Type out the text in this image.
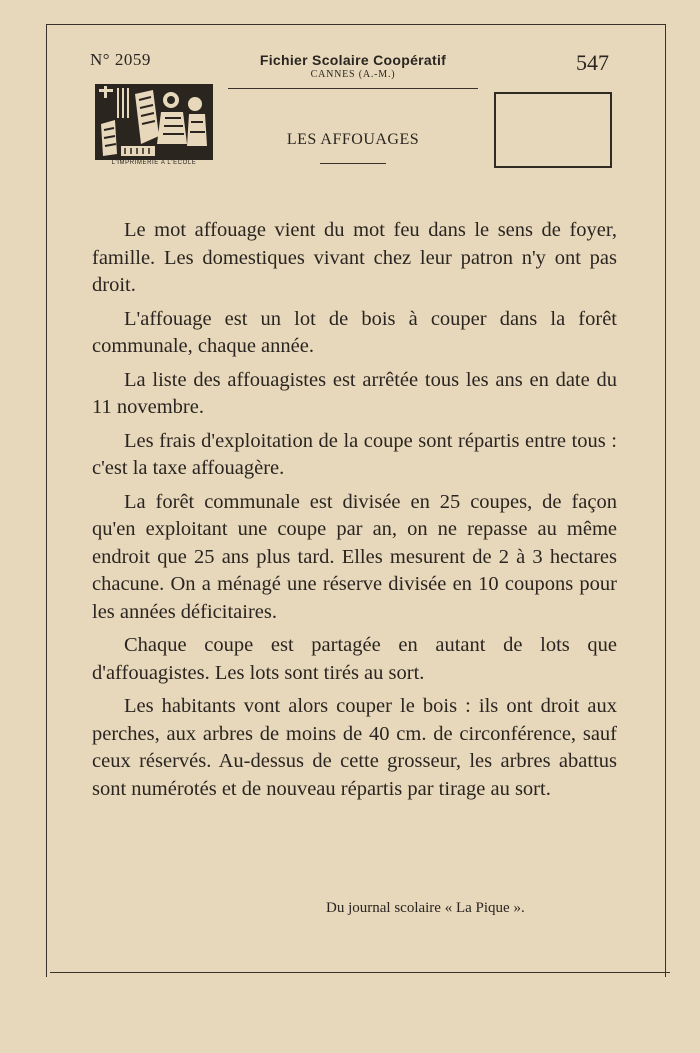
N° 2059	Fichier Scolaire Coopératif
CANNES (A.-M.)	547
L'IMPRIMERIE A L'ECOLE
LES AFFOUAGES

Le mot affouage vient du mot feu dans le sens de foyer, famille. Les domestiques vivant chez leur patron n'y ont pas droit.

L'affouage est un lot de bois à couper dans la forêt communale, chaque année.

La liste des affouagistes est arrêtée tous les ans en date du 11 novembre.

Les frais d'exploitation de la coupe sont répartis entre tous : c'est la taxe affouagère.

La forêt communale est divisée en 25 coupes, de façon qu'en exploitant une coupe par an, on ne repasse au même endroit que 25 ans plus tard. Elles mesurent de 2 à 3 hectares chacune. On a ménagé une réserve divisée en 10 coupons pour les années déficitaires.

Chaque coupe est partagée en autant de lots que d'affouagistes. Les lots sont tirés au sort.

Les habitants vont alors couper le bois : ils ont droit aux perches, aux arbres de moins de 40 cm. de circonférence, sauf ceux réservés. Au-dessus de cette grosseur, les arbres abattus sont numérotés et de nouveau répartis par tirage au sort.

Du journal scolaire « La Pique ».
